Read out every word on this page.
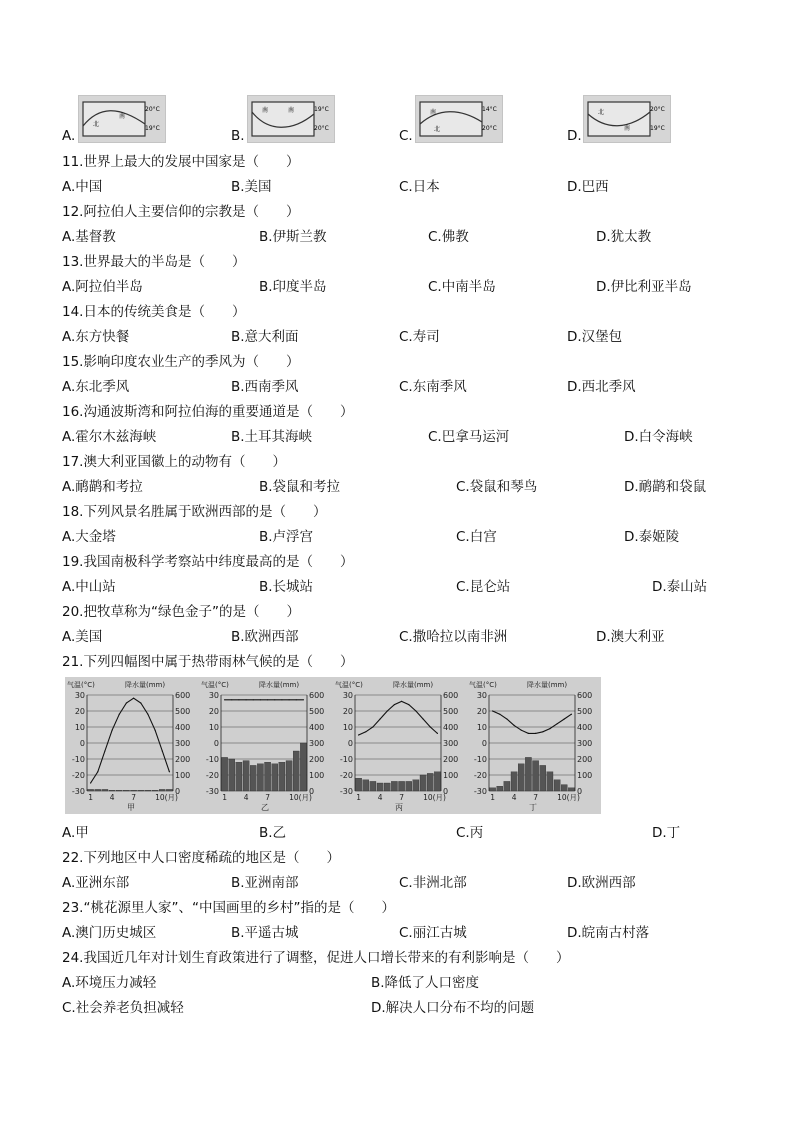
A.
北
南
20°C
19°C	B.
南	南	19°C
20°C	C.
南
北
14°C
20°C	D.
北
南
20°C
19°C
11.世界上最大的发展中国家是（　　）
A.中国	B.美国	C.日本	D.巴西
12.阿拉伯人主要信仰的宗教是（　　）
A.基督教	B.伊斯兰教	C.佛教	D.犹太教
13.世界最大的半岛是（　　）
A.阿拉伯半岛	B.印度半岛	C.中南半岛	D.伊比利亚半岛
14.日本的传统美食是（　　）
A.东方快餐	B.意大利面	C.寿司	D.汉堡包
15.影响印度农业生产的季风为（　　）
A.东北季风	B.西南季风	C.东南季风	D.西北季风
16.沟通波斯湾和阿拉伯海的重要通道是（　　）
A.霍尔木兹海峡	B.土耳其海峡	C.巴拿马运河	D.白令海峡
17.澳大利亚国徽上的动物有（　　）
A.鸸鹋和考拉	B.袋鼠和考拉	C.袋鼠和琴鸟	D.鸸鹋和袋鼠
18.下列风景名胜属于欧洲西部的是（　　）
A.大金塔	B.卢浮宫	C.白宫	D.泰姬陵
19.我国南极科学考察站中纬度最高的是（　　）
A.中山站	B.长城站	C.昆仑站	D.泰山站
20.把牧草称为“绿色金子”的是（　　）
A.美国	B.欧洲西部	C.撒哈拉以南非洲	D.澳大利亚
21.下列四幅图中属于热带雨林气候的是（　　）
气温(°C)	降水量(mm)
30	600
20	500
10	400
0	300
-10	200
-20	100
-30	0
1 4 7	10(月)
甲
气温(°C)	降水量(mm)
30	600
20	500
10	400
0	300
-10	200
-20	100
-30	0
1 4 7	10(月)
乙
气温(°C)	降水量(mm)
30	600
20	500
10	400
0	300
-10	200
-20	100
-30	0
1 4 7	10(月)
丙
气温(°C)	降水量(mm)
30	600
20	500
10	400
0	300
-10	200
-20	100
-30	0
1 4 7	10(月)
丁
A.甲	B.乙	C.丙	D.丁
22.下列地区中人口密度稀疏的地区是（　　）
A.亚洲东部	B.亚洲南部	C.非洲北部	D.欧洲西部
23.“桃花源里人家”、“中国画里的乡村”指的是（　　）
A.澳门历史城区	B.平遥古城	C.丽江古城	D.皖南古村落
24.我国近几年对计划生育政策进行了调整，促进人口增长带来的有利影响是（　　）
A.环境压力减轻	B.降低了人口密度
C.社会养老负担减轻	D.解决人口分布不均的问题
